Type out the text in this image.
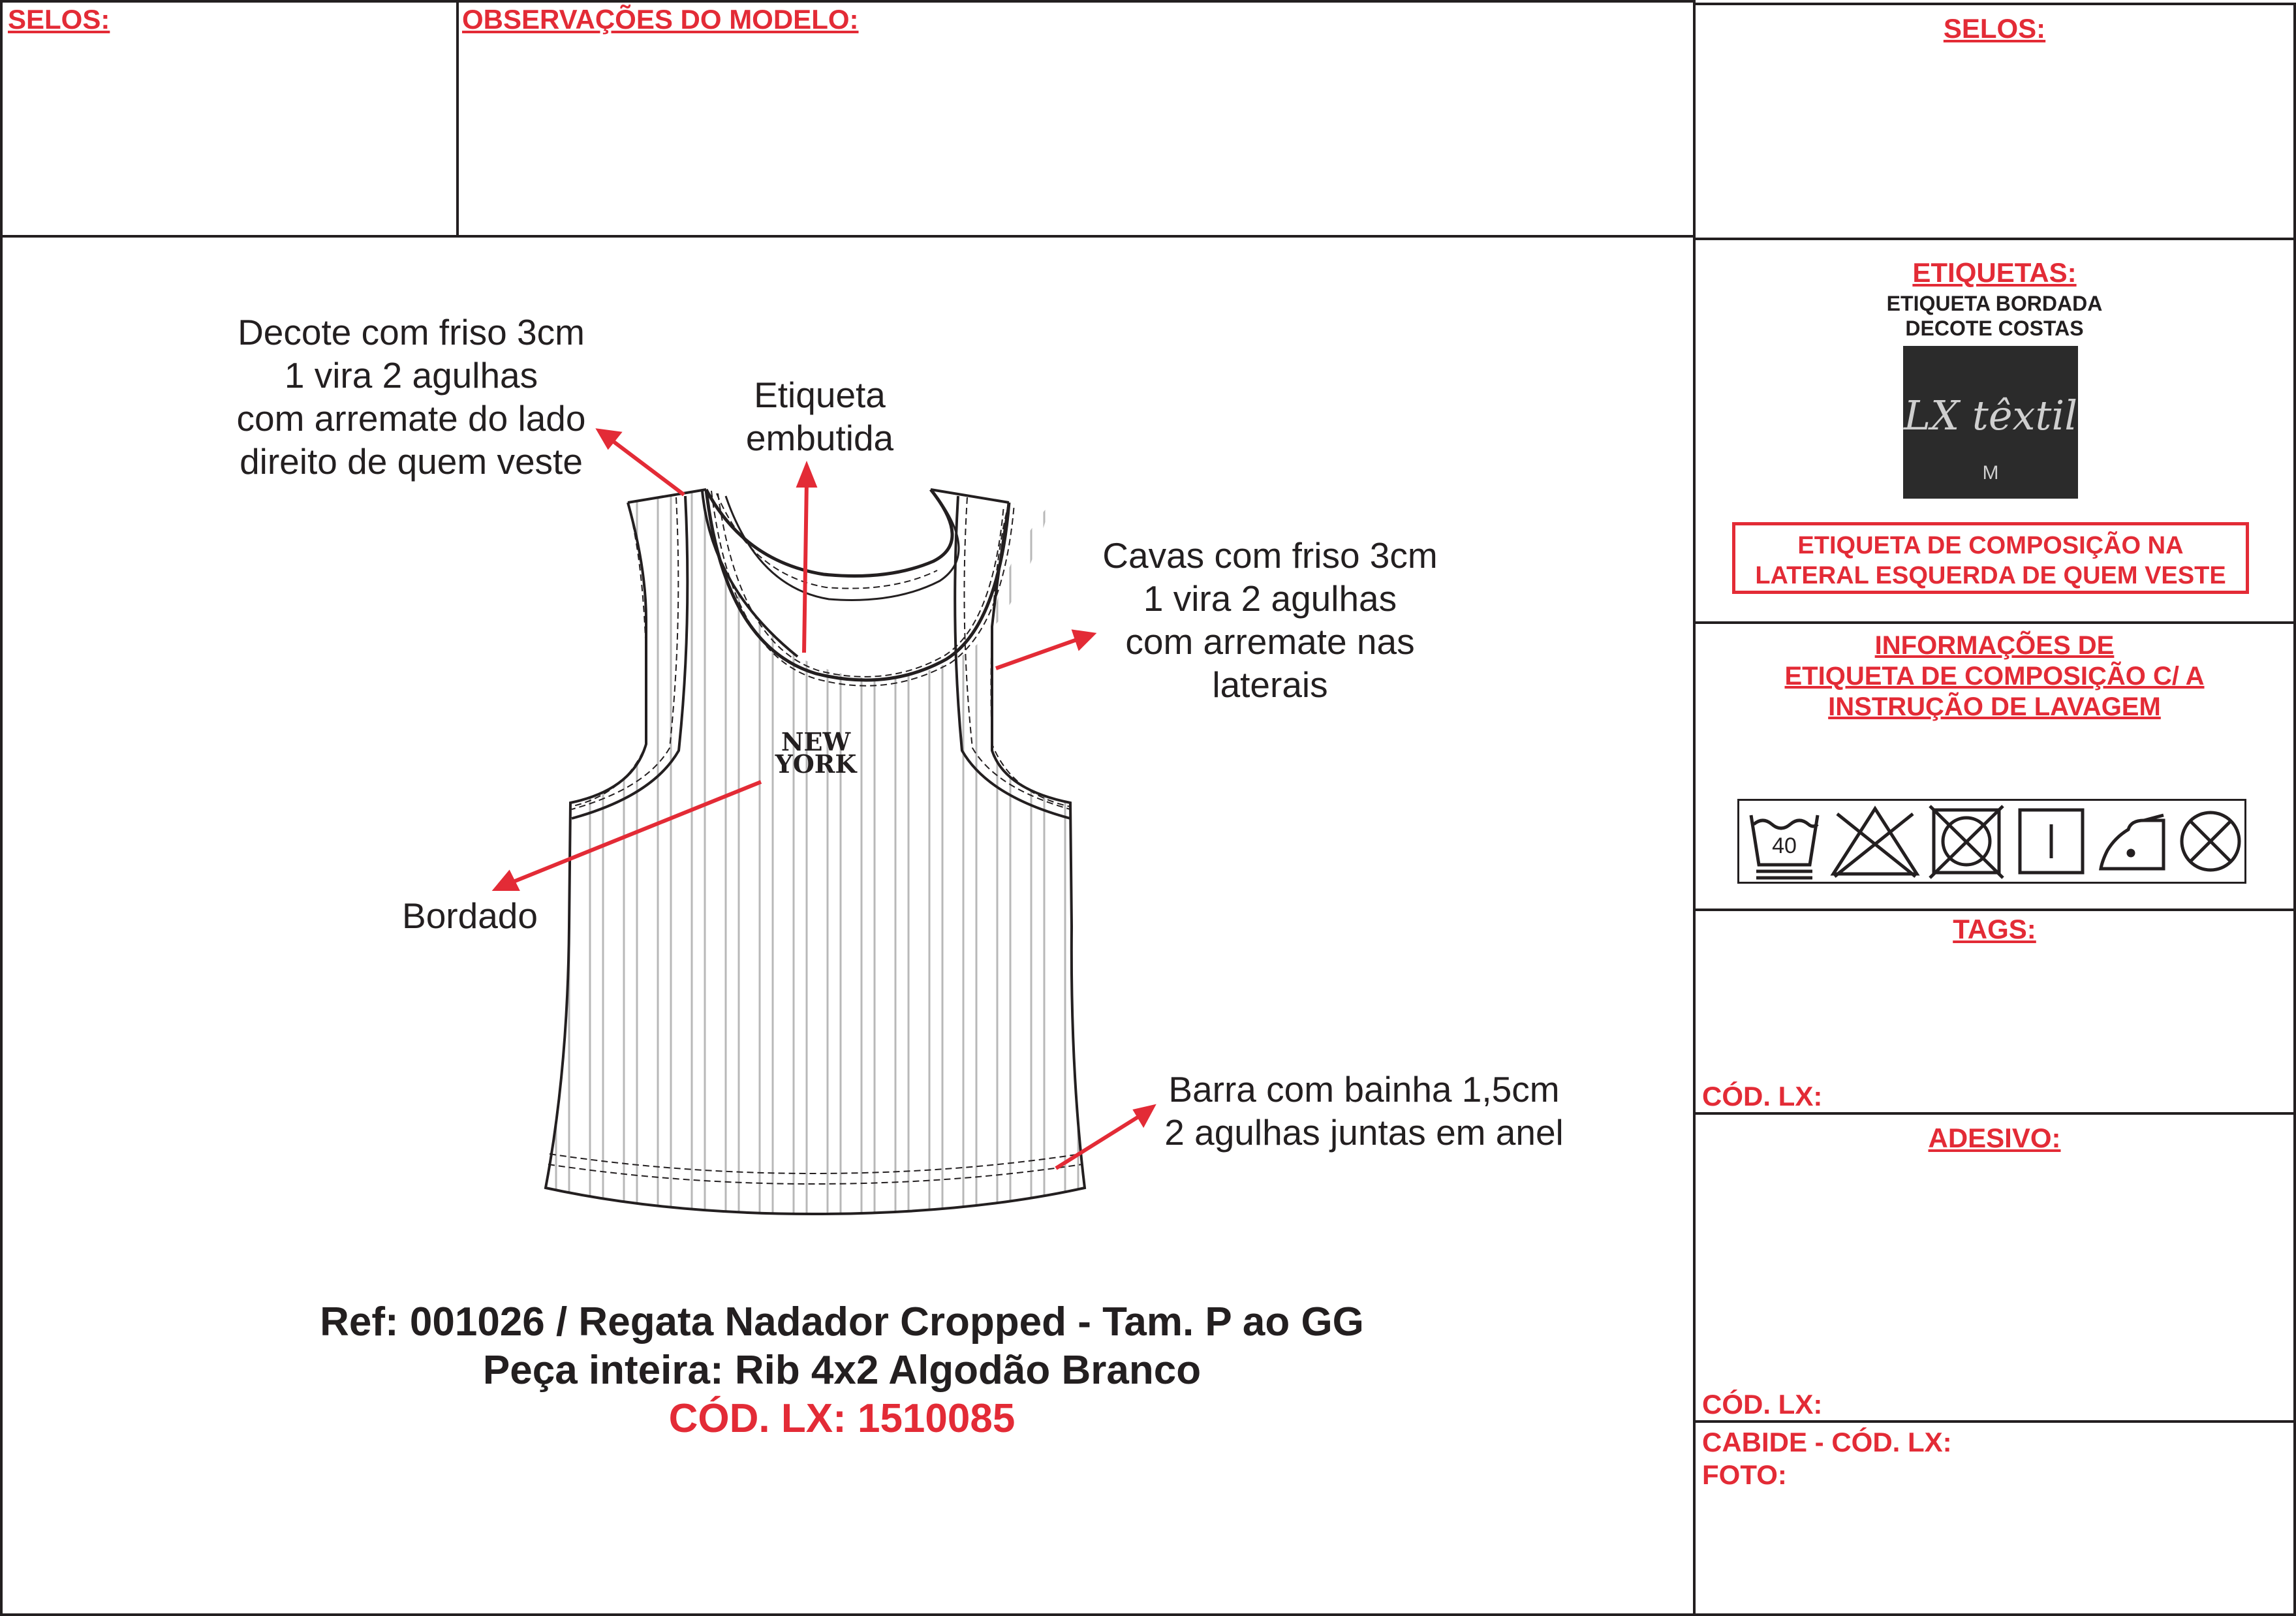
SELOS:	OBSERVAÇÕES DO MODELO:	SELOS:
ETIQUETAS:
ETIQUETA BORDADA
DECOTE COSTAS
LX têxtil
M
ETIQUETA DE COMPOSIÇÃO NA
LATERAL ESQUERDA DE QUEM VESTE
INFORMAÇÕES DE
ETIQUETA DE COMPOSIÇÃO C/ A
INSTRUÇÃO DE LAVAGEM
40
TAGS:
CÓD. LX:
ADESIVO:
CÓD. LX:
CABIDE - CÓD. LX:
FOTO:
NEW
YORK
Decote com friso 3cm
1 vira 2 agulhas
com arremate do lado
direito de quem veste
Etiqueta
embutida
Cavas com friso 3cm
1 vira 2 agulhas
com arremate nas
laterais
Bordado
Barra com bainha 1,5cm
2 agulhas juntas em anel
Ref: 001026 / Regata Nadador Cropped - Tam. P ao GG
Peça inteira: Rib 4x2 Algodão Branco
CÓD. LX: 1510085
